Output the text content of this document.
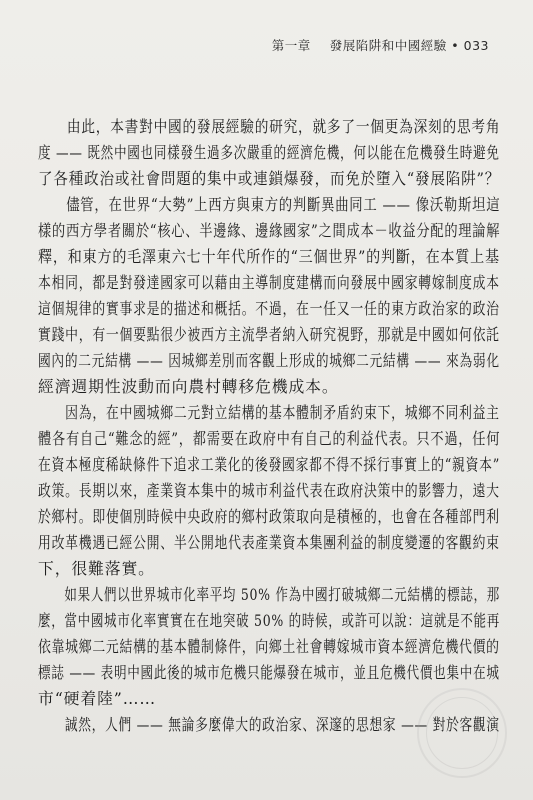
第一章 發展陷阱和中國經驗 • 033

　　由此，本書對中國的發展經驗的研究，就多了一個更為深刻的思考角
度 —— 既然中國也同樣發生過多次嚴重的經濟危機，何以能在危機發生時避免
了各種政治或社會問題的集中或連鎖爆發，而免於墮入“發展陷阱”？

　　儘管，在世界“大勢”上西方與東方的判斷異曲同工 —— 像沃勒斯坦這
樣的西方學者關於“核心、半邊緣、邊緣國家”之間成本－收益分配的理論解
釋，和東方的毛澤東六七十年代所作的“三個世界”的判斷，在本質上基
本相同，都是對發達國家可以藉由主導制度建構而向發展中國家轉嫁制度成本
這個規律的實事求是的描述和概括。不過，在一任又一任的東方政治家的政治
實踐中，有一個要點很少被西方主流學者納入研究視野，那就是中國如何依託
國內的二元結構 —— 因城鄉差別而客觀上形成的城鄉二元結構 —— 來為弱化
經濟週期性波動而向農村轉移危機成本。

　　因為，在中國城鄉二元對立結構的基本體制矛盾約束下，城鄉不同利益主
體各有自己“難念的經”，都需要在政府中有自己的利益代表。只不過，任何
在資本極度稀缺條件下追求工業化的後發國家都不得不採行事實上的“親資本”
政策。長期以來，產業資本集中的城市利益代表在政府決策中的影響力，遠大
於鄉村。即使個別時候中央政府的鄉村政策取向是積極的，也會在各種部門利
用改革機遇已經公開、半公開地代表產業資本集團利益的制度變遷的客觀約束
下，很難落實。

　　如果人們以世界城市化率平均 50% 作為中國打破城鄉二元結構的標誌，那
麼，當中國城市化率實實在在地突破 50% 的時候，或許可以說：這就是不能再
依靠城鄉二元結構的基本體制條件，向鄉土社會轉嫁城市資本經濟危機代價的
標誌 —— 表明中國此後的城市危機只能爆發在城市，並且危機代價也集中在城
市“硬着陸”……

　　誠然，人們 —— 無論多麼偉大的政治家、深邃的思想家 —— 對於客觀演
